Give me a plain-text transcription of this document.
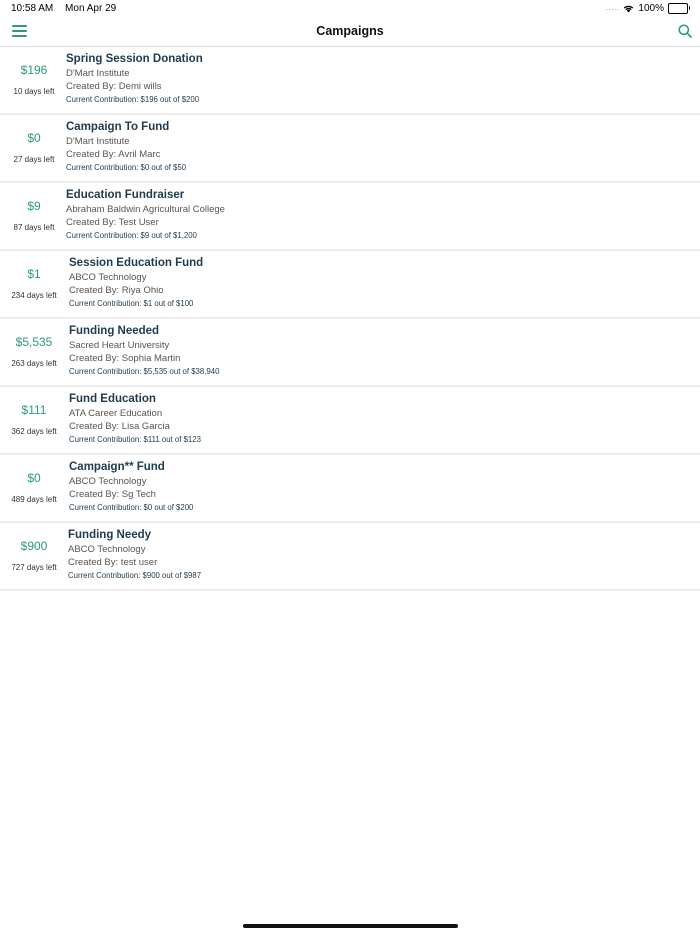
10:58 AM Mon Apr 29	..... 100%
Campaigns
$196
10 days left
Spring Session Donation
D'Mart Institute
Created By: Demi wills
Current Contribution: $196 out of $200
$0
27 days left
Campaign To Fund
D'Mart Institute
Created By: Avril Marc
Current Contribution: $0 out of $50
$9
87 days left
Education Fundraiser
Abraham Baldwin Agricultural College
Created By: Test User
Current Contribution: $9 out of $1,200
$1
234 days left
Session Education Fund
ABCO Technology
Created By: Riya Ohio
Current Contribution: $1 out of $100
$5,535
263 days left
Funding Needed
Sacred Heart University
Created By: Sophia Martin
Current Contribution: $5,535 out of $38,940
$111
362 days left
Fund Education
ATA Career Education
Created By: Lisa Garcia
Current Contribution: $111 out of $123
$0
489 days left
Campaign** Fund
ABCO Technology
Created By: Sg Tech
Current Contribution: $0 out of $200
$900
727 days left
Funding Needy
ABCO Technology
Created By: test user
Current Contribution: $900 out of $987
